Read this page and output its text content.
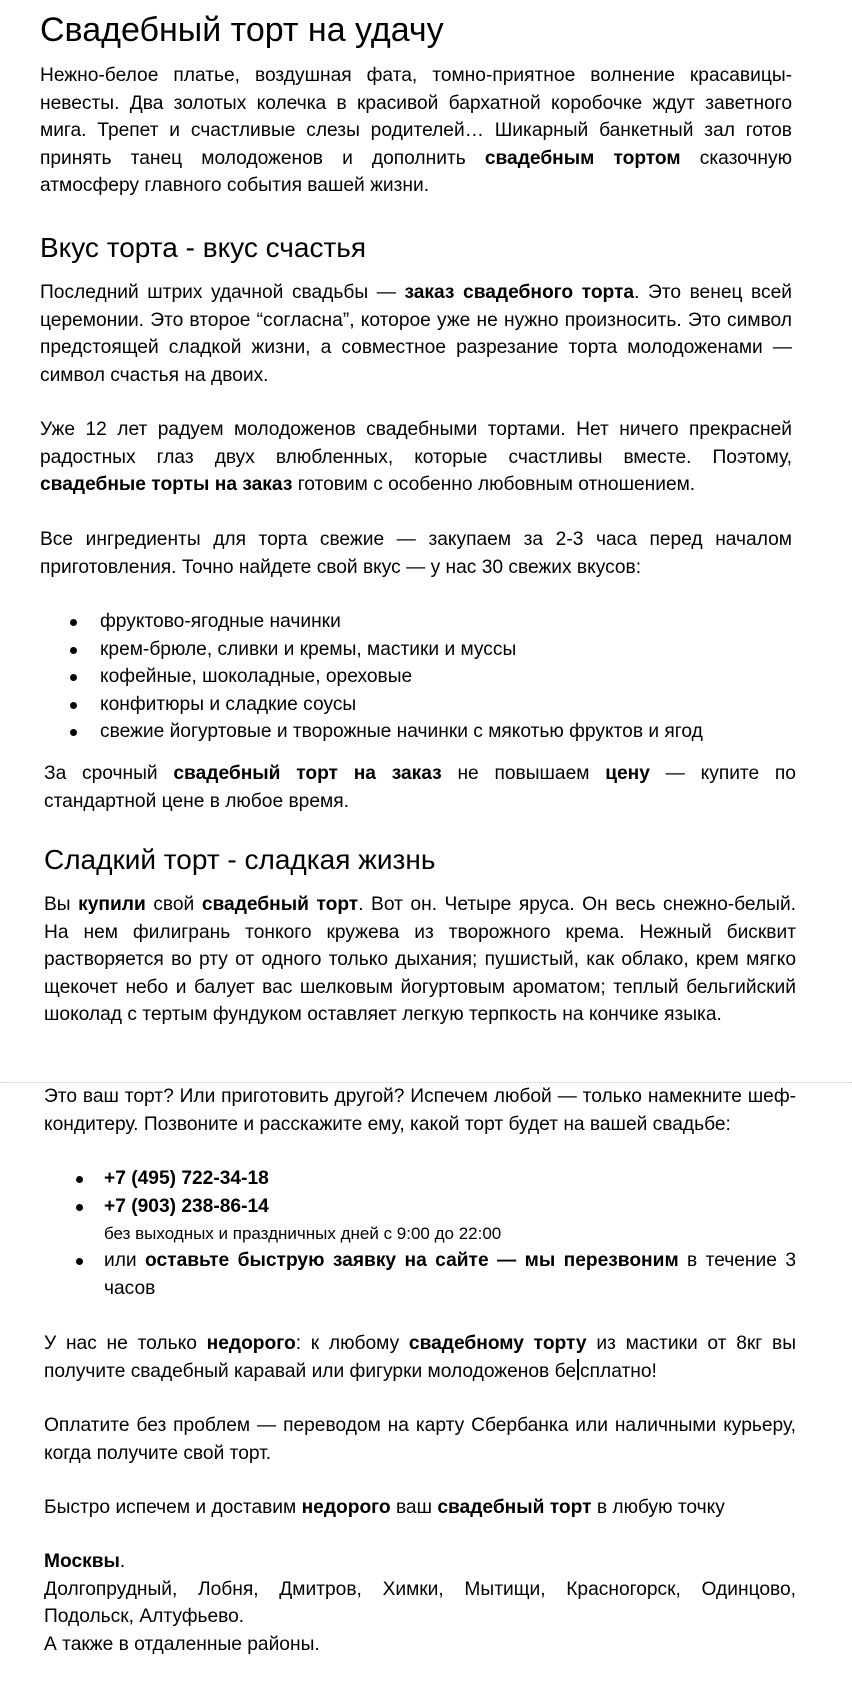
Свадебный торт на удачу

Нежно-белое платье, воздушная фата, томно-приятное волнение красавицы-невесты. Два золотых колечка в красивой бархатной коробочке ждут заветного мига. Трепет и счастливые слезы родителей… Шикарный банкетный зал готов принять танец молодоженов и дополнить свадебным тортом сказочную атмосферу главного события вашей жизни.

Вкус торта - вкус счастья

Последний штрих удачной свадьбы — заказ свадебного торта. Это венец всей церемонии. Это второе “согласна”, которое уже не нужно произносить. Это символ предстоящей сладкой жизни, а совместное разрезание торта молодоженами — символ счастья на двоих.

Уже 12 лет радуем молодоженов свадебными тортами. Нет ничего прекрасней радостных глаз двух влюбленных, которые счастливы вместе. Поэтому, свадебные торты на заказ готовим с особенно любовным отношением.

Все ингредиенты для торта свежие — закупаем за 2-3 часа перед началом приготовления. Точно найдете свой вкус — у нас 30 свежих вкусов:

фруктово-ягодные начинки
крем-брюле, сливки и кремы, мастики и муссы
кофейные, шоколадные, ореховые
конфитюры и сладкие соусы
свежие йогуртовые и творожные начинки с мякотью фруктов и ягод

За срочный свадебный торт на заказ не повышаем цену — купите по стандартной цене в любое время.

Сладкий торт - сладкая жизнь

Вы купили свой свадебный торт. Вот он. Четыре яруса. Он весь снежно-белый. На нем филигрань тонкого кружева из творожного крема. Нежный бисквит растворяется во рту от одного только дыхания; пушистый, как облако, крем мягко щекочет небо и балует вас шелковым йогуртовым ароматом; теплый бельгийский шоколад с тертым фундуком оставляет легкую терпкость на кончике языка.

Это ваш торт? Или приготовить другой? Испечем любой — только намекните шеф-кондитеру. Позвоните и расскажите ему, какой торт будет на вашей свадьбе:

+7 (495) 722-34-18
+7 (903) 238-86-14
без выходных и праздничных дней с 9:00 до 22:00
или оставьте быструю заявку на сайте — мы перезвоним в течение 3 часов

У нас не только недорого: к любому свадебному торту из мастики от 8кг вы получите свадебный каравай или фигурки молодоженов бе сплатно!

Оплатите без проблем — переводом на карту Сбербанка или наличными курьеру, когда получите свой торт.

Быстро испечем и доставим недорого ваш свадебный торт в любую точку

Москвы.
Долгопрудный, Лобня, Дмитров, Химки, Мытищи, Красногорск, Одинцово, Подольск, Алтуфьево.
А также в отдаленные районы.
